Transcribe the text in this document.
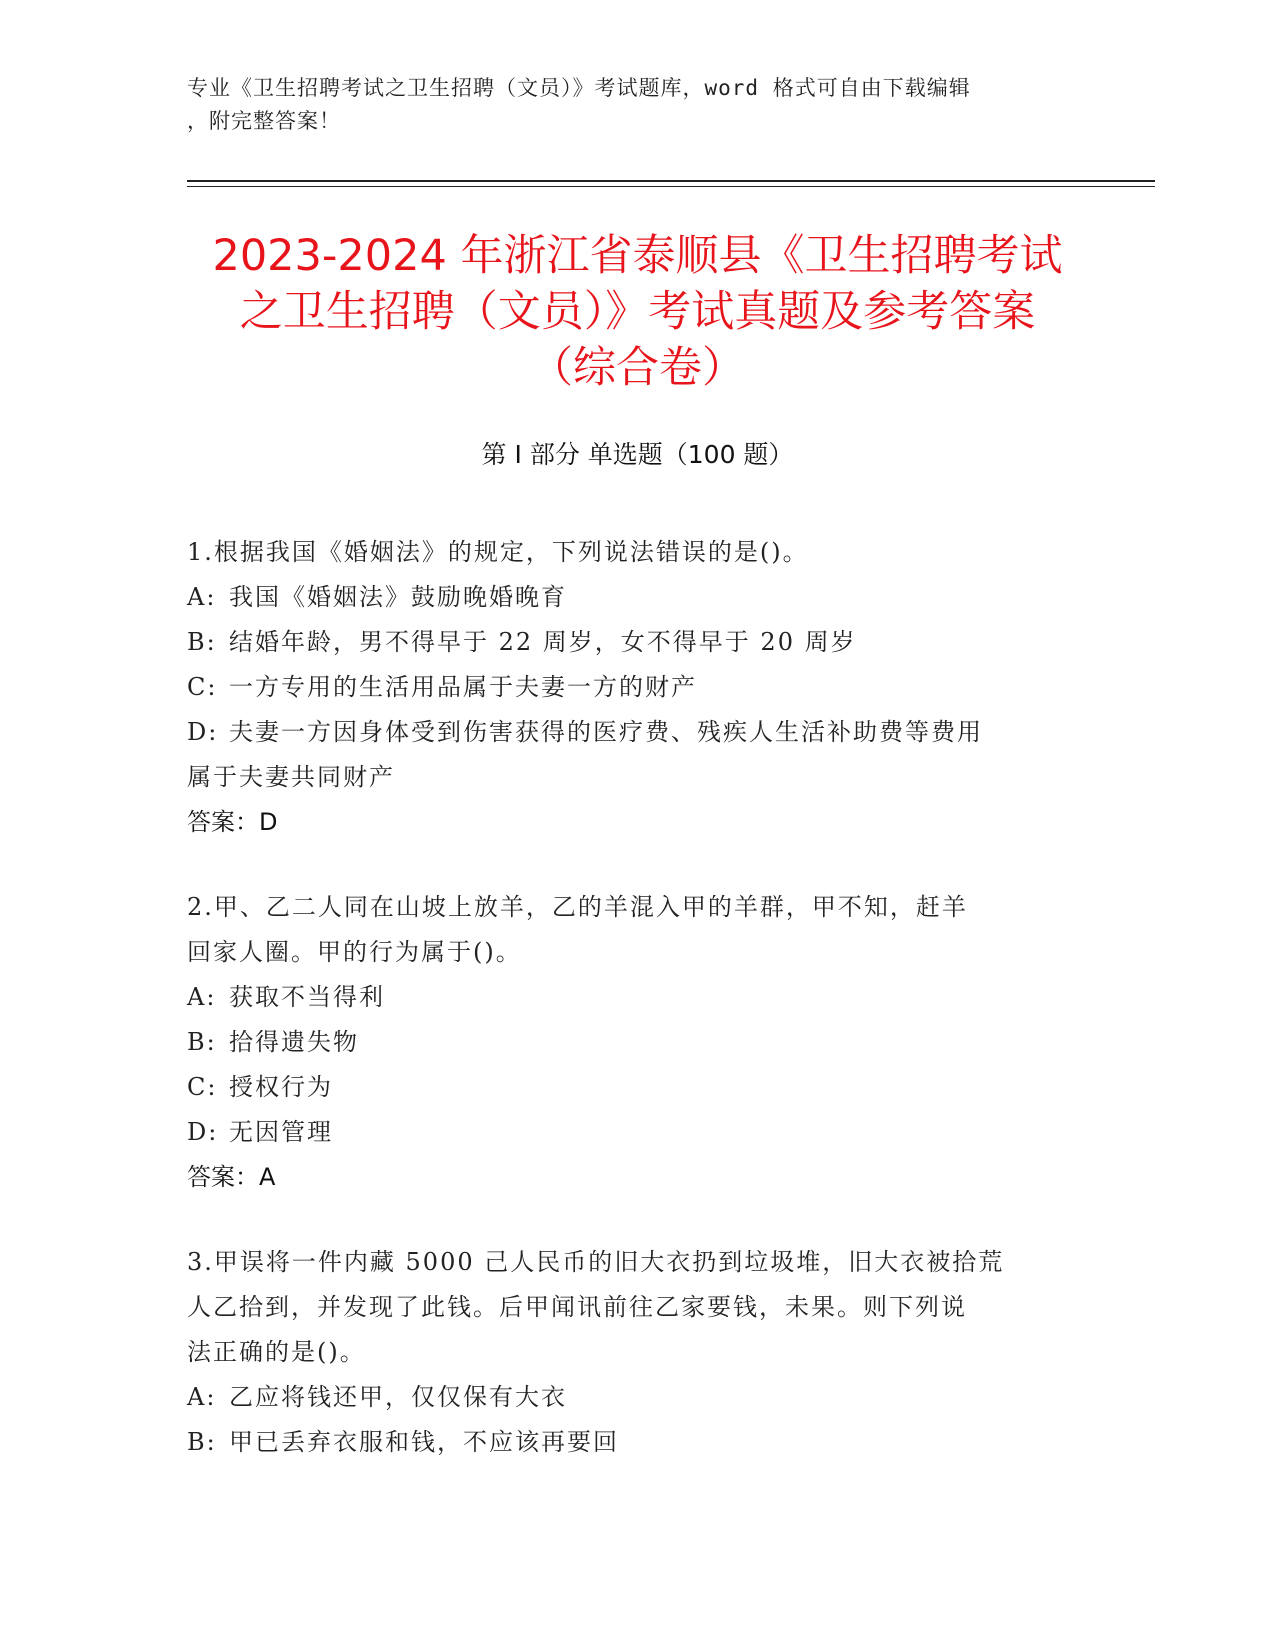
专业《卫生招聘考试之卫生招聘（文员）》考试题库，word 格式可自由下载编辑
，附完整答案！
2023-2024 年浙江省泰顺县《卫生招聘考试
之卫生招聘（文员）》考试真题及参考答案
（综合卷）
第 I 部分 单选题（100 题）
1.根据我国《婚姻法》的规定，下列说法错误的是()。
A: 我国《婚姻法》鼓励晚婚晚育
B: 结婚年龄，男不得早于 22 周岁，女不得早于 20 周岁
C: 一方专用的生活用品属于夫妻一方的财产
D: 夫妻一方因身体受到伤害获得的医疗费、残疾人生活补助费等费用
属于夫妻共同财产
答案：D
2.甲、乙二人同在山坡上放羊，乙的羊混入甲的羊群，甲不知，赶羊
回家人圈。甲的行为属于()。
A: 获取不当得利
B: 拾得遗失物
C: 授权行为
D: 无因管理
答案：A
3.甲误将一件内藏 5000 己人民币的旧大衣扔到垃圾堆，旧大衣被拾荒
人乙拾到，并发现了此钱。后甲闻讯前往乙家要钱，未果。则下列说
法正确的是()。
A: 乙应将钱还甲，仅仅保有大衣
B: 甲已丢弃衣服和钱，不应该再要回
